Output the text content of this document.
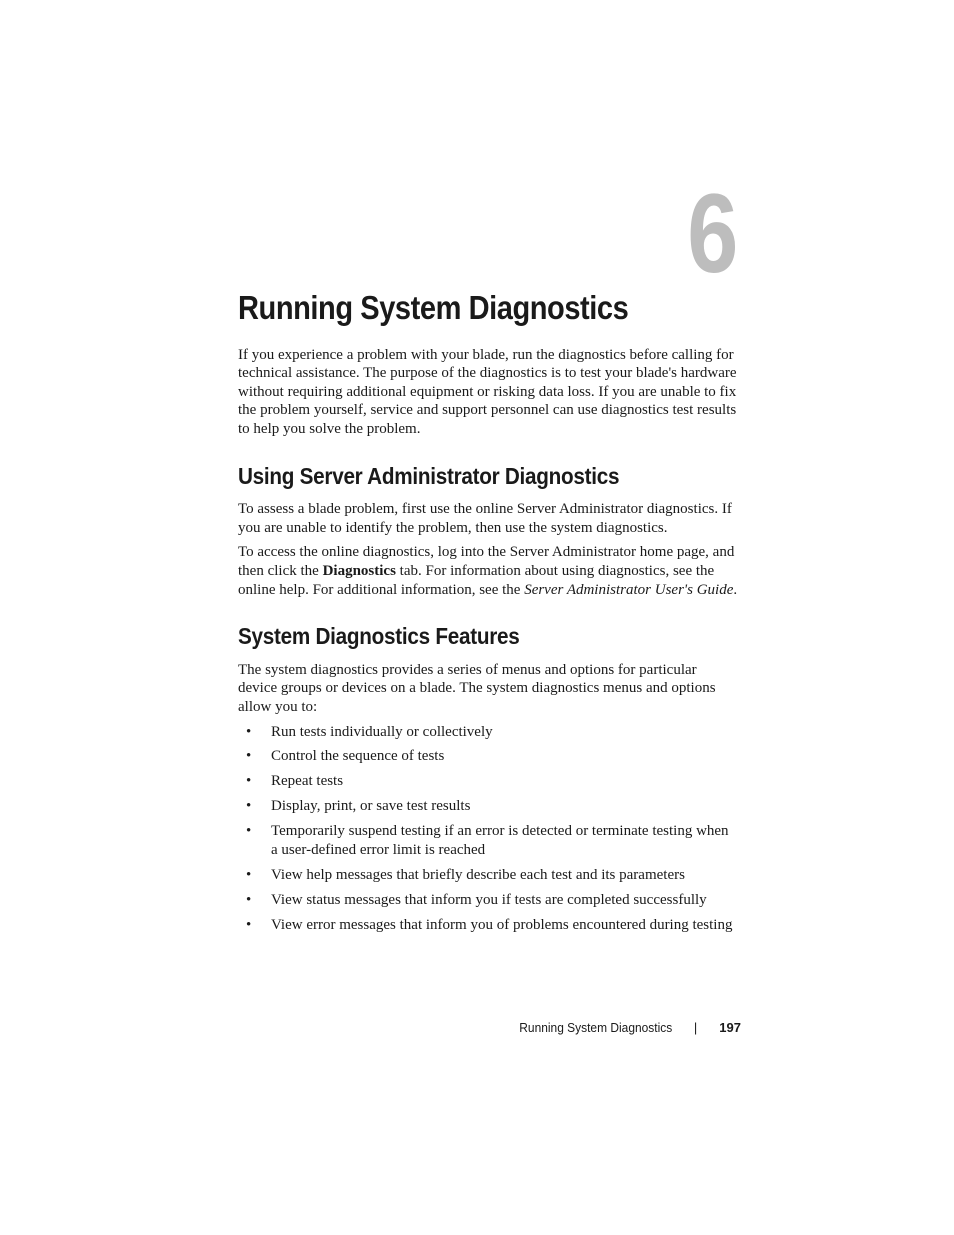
6
Running System Diagnostics

If you experience a problem with your blade, run the diagnostics before calling for technical assistance. The purpose of the diagnostics is to test your blade's hardware without requiring additional equipment or risking data loss. If you are unable to fix the problem yourself, service and support personnel can use diagnostics test results to help you solve the problem.

Using Server Administrator Diagnostics

To assess a blade problem, first use the online Server Administrator diagnostics. If you are unable to identify the problem, then use the system diagnostics.

To access the online diagnostics, log into the Server Administrator home page, and then click the Diagnostics tab. For information about using diagnostics, see the online help. For additional information, see the Server Administrator User's Guide.

System Diagnostics Features

The system diagnostics provides a series of menus and options for particular device groups or devices on a blade. The system diagnostics menus and options allow you to:

• Run tests individually or collectively
• Control the sequence of tests
• Repeat tests
• Display, print, or save test results
• Temporarily suspend testing if an error is detected or terminate testing when a user-defined error limit is reached
• View help messages that briefly describe each test and its parameters
• View status messages that inform you if tests are completed successfully
• View error messages that inform you of problems encountered during testing
Running System Diagnostics | 197
